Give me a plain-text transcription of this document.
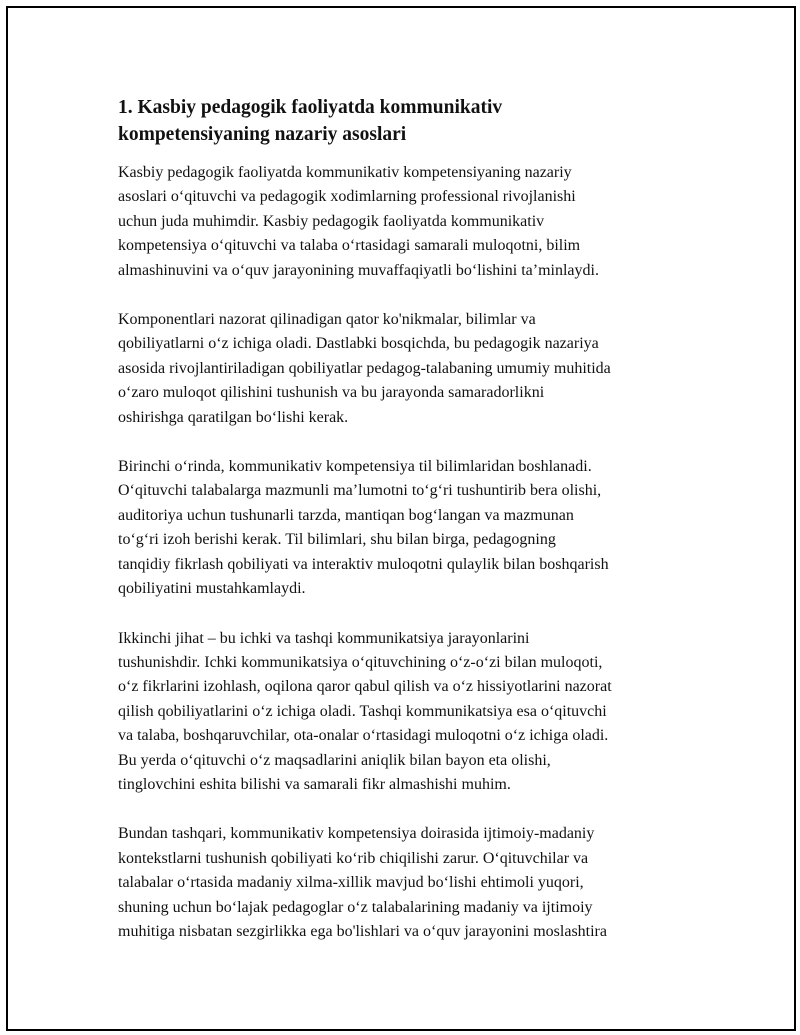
1. Kasbiy pedagogik faoliyatda kommunikativ
kompetensiyaning nazariy asoslari
Kasbiy pedagogik faoliyatda kommunikativ kompetensiyaning nazariy
asoslari o‘qituvchi va pedagogik xodimlarning professional rivojlanishi
uchun juda muhimdir. Kasbiy pedagogik faoliyatda kommunikativ
kompetensiya o‘qituvchi va talaba o‘rtasidagi samarali muloqotni, bilim
almashinuvini va o‘quv jarayonining muvaffaqiyatli bo‘lishini ta’minlaydi.
Komponentlari nazorat qilinadigan qator ko'nikmalar, bilimlar va
qobiliyatlarni o‘z ichiga oladi. Dastlabki bosqichda, bu pedagogik nazariya
asosida rivojlantiriladigan qobiliyatlar pedagog-talabaning umumiy muhitida
o‘zaro muloqot qilishini tushunish va bu jarayonda samaradorlikni
oshirishga qaratilgan bo‘lishi kerak.
Birinchi o‘rinda, kommunikativ kompetensiya til bilimlaridan boshlanadi.
O‘qituvchi talabalarga mazmunli ma’lumotni to‘g‘ri tushuntirib bera olishi,
auditoriya uchun tushunarli tarzda, mantiqan bog‘langan va mazmunan
to‘g‘ri izoh berishi kerak. Til bilimlari, shu bilan birga, pedagogning
tanqidiy fikrlash qobiliyati va interaktiv muloqotni qulaylik bilan boshqarish
qobiliyatini mustahkamlaydi.
Ikkinchi jihat – bu ichki va tashqi kommunikatsiya jarayonlarini
tushunishdir. Ichki kommunikatsiya o‘qituvchining o‘z-o‘zi bilan muloqoti,
o‘z fikrlarini izohlash, oqilona qaror qabul qilish va o‘z hissiyotlarini nazorat
qilish qobiliyatlarini o‘z ichiga oladi. Tashqi kommunikatsiya esa o‘qituvchi
va talaba, boshqaruvchilar, ota-onalar o‘rtasidagi muloqotni o‘z ichiga oladi.
Bu yerda o‘qituvchi o‘z maqsadlarini aniqlik bilan bayon eta olishi,
tinglovchini eshita bilishi va samarali fikr almashishi muhim.
Bundan tashqari, kommunikativ kompetensiya doirasida ijtimoiy-madaniy
kontekstlarni tushunish qobiliyati ko‘rib chiqilishi zarur. O‘qituvchilar va
talabalar o‘rtasida madaniy xilma-xillik mavjud bo‘lishi ehtimoli yuqori,
shuning uchun bo‘lajak pedagoglar o‘z talabalarining madaniy va ijtimoiy
muhitiga nisbatan sezgirlikka ega bo'lishlari va o‘quv jarayonini moslashtira
